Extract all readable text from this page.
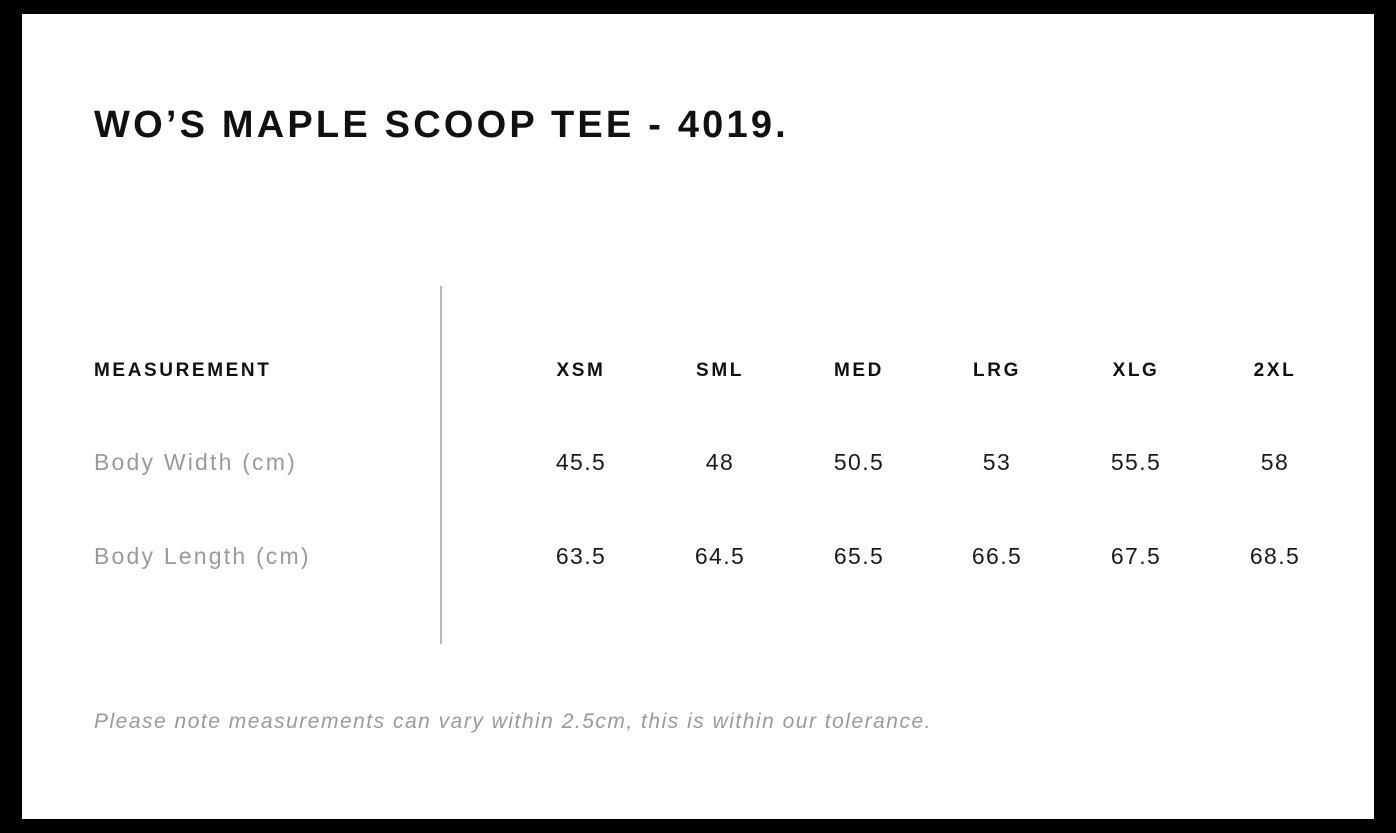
WO’S MAPLE SCOOP TEE - 4019.
MEASUREMENT	XSM	SML	MED	LRG	XLG	2XL
Body Width (cm)	45.5	48	50.5	53	55.5	58
Body Length (cm)	63.5	64.5	65.5	66.5	67.5	68.5
Please note measurements can vary within 2.5cm, this is within our tolerance.
